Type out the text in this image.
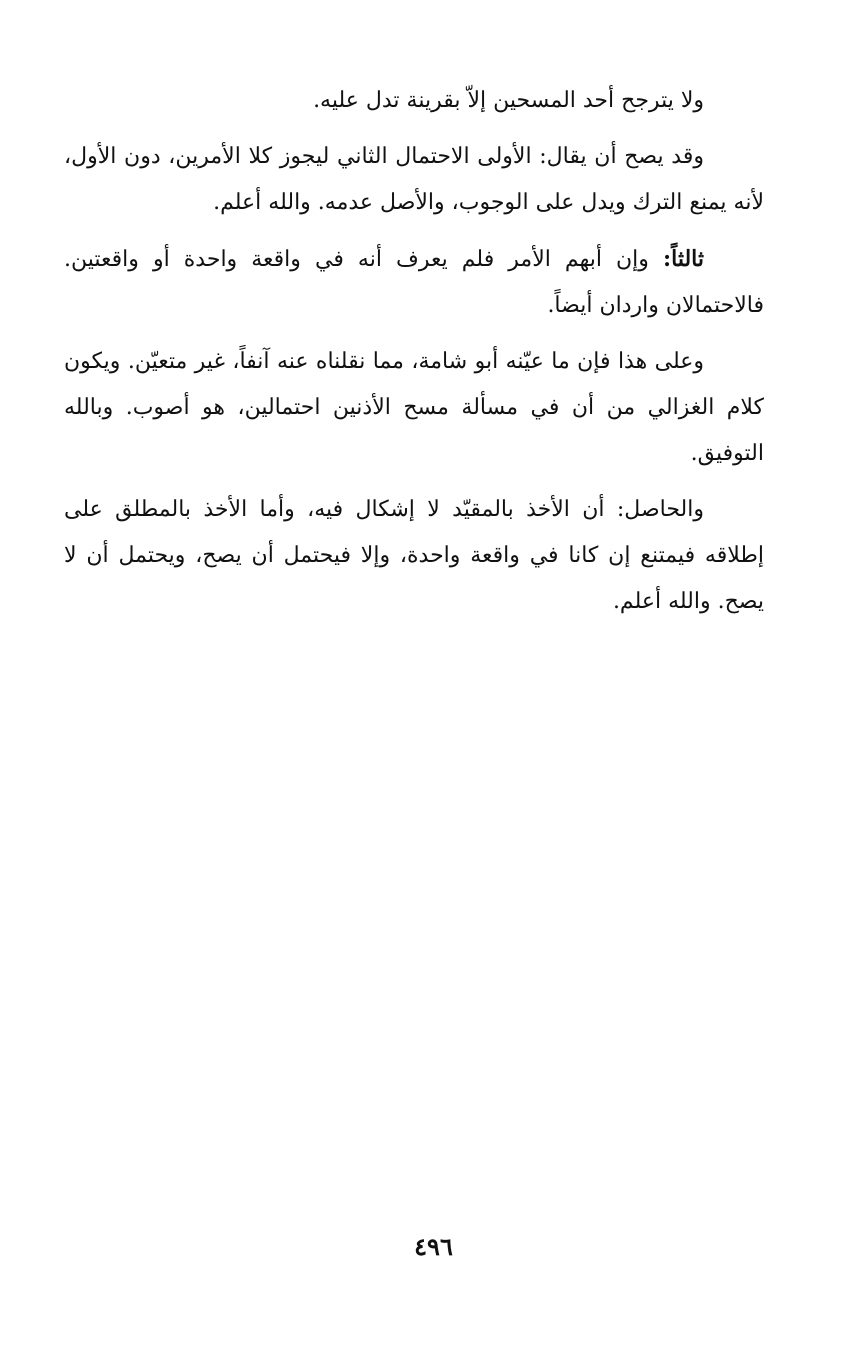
ولا يترجح أحد المسحين إلاّ بقرينة تدل عليه.

وقد يصح أن يقال: الأولى الاحتمال الثاني ليجوز كلا الأمرين، دون الأول، لأنه يمنع الترك ويدل على الوجوب، والأصل عدمه. والله أعلم.

ثالثاً: وإن أبهم الأمر فلم يعرف أنه في واقعة واحدة أو واقعتين. فالاحتمالان واردان أيضاً.

وعلى هذا فإن ما عيّنه أبو شامة، مما نقلناه عنه آنفاً، غير متعيّن. ويكون كلام الغزالي من أن في مسألة مسح الأذنين احتمالين، هو أصوب. وبالله التوفيق.

والحاصل: أن الأخذ بالمقيّد لا إشكال فيه، وأما الأخذ بالمطلق على إطلاقه فيمتنع إن كانا في واقعة واحدة، وإلا فيحتمل أن يصح، ويحتمل أن لا يصح. والله أعلم.

٤٩٦
